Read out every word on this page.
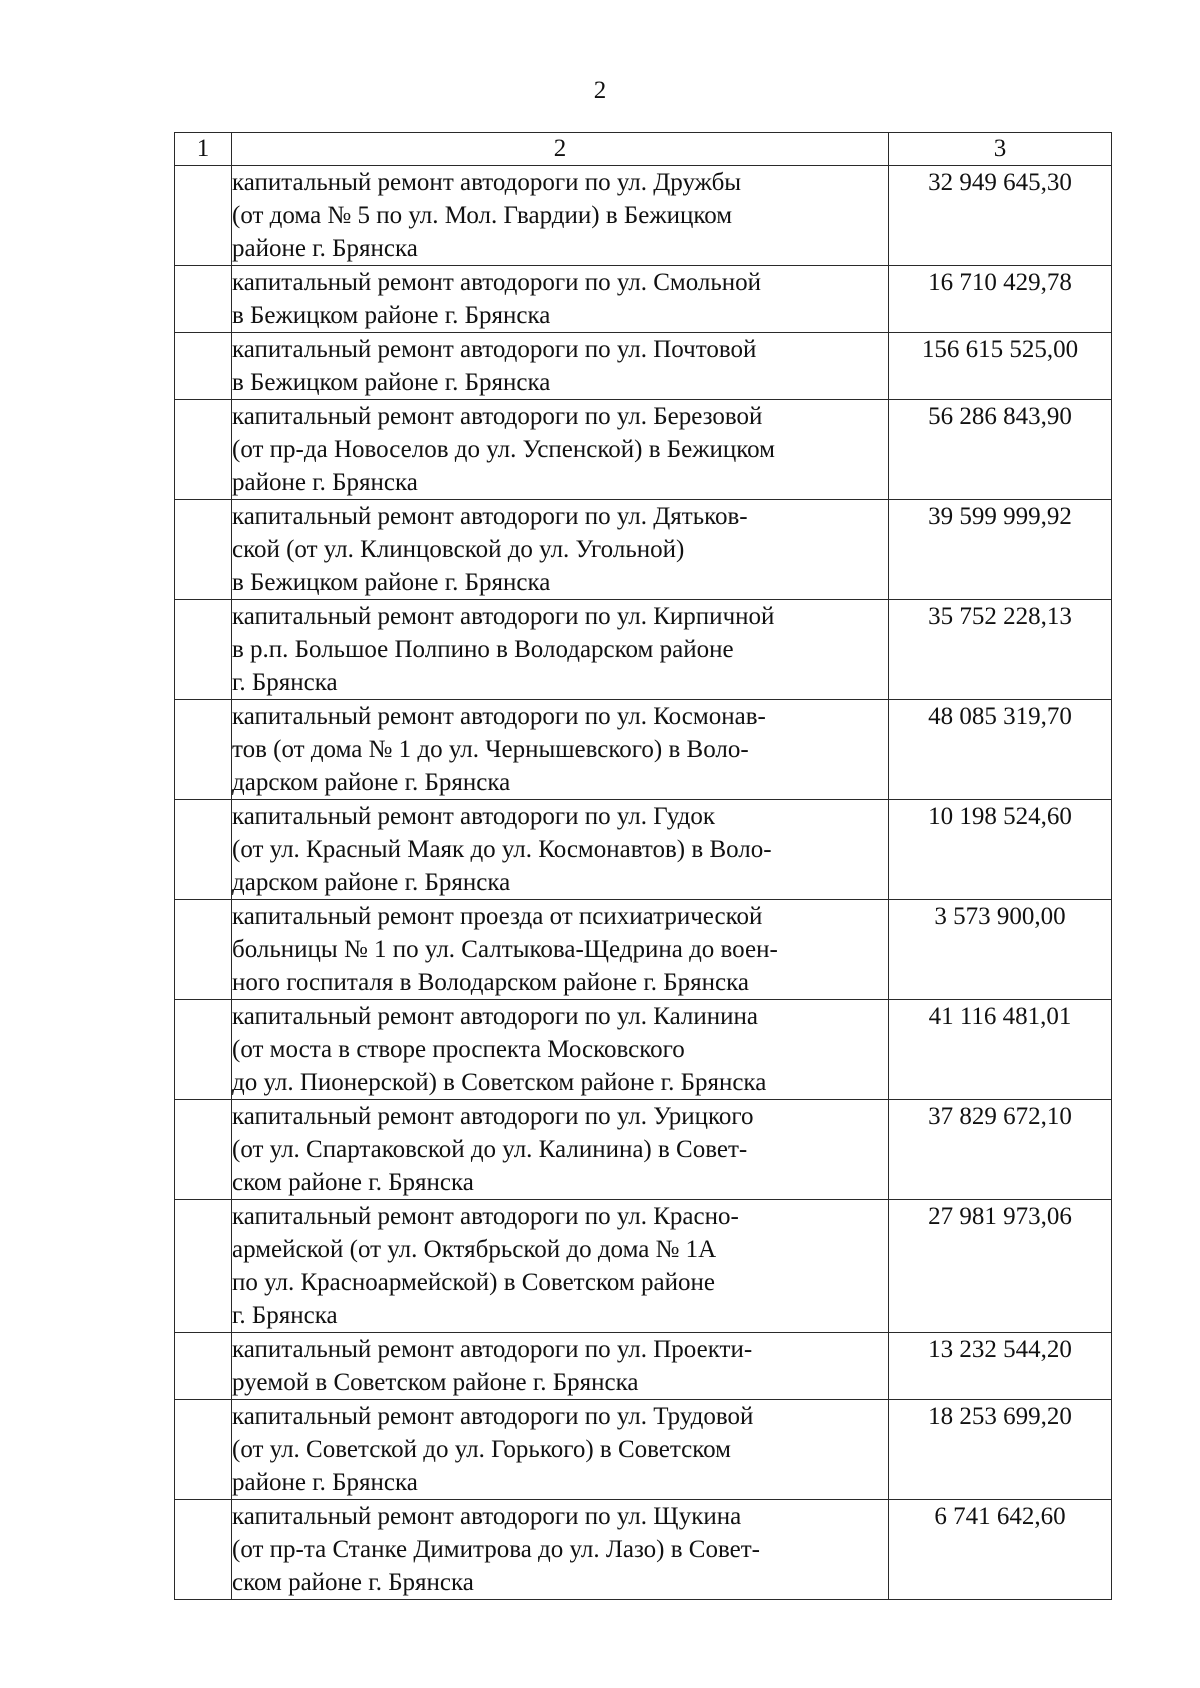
2
1	2	3
	капитальный ремонт автодороги по ул. Дружбы
(от дома № 5 по ул. Мол. Гвардии) в Бежицком
районе г. Брянска	32 949 645,30
	капитальный ремонт автодороги по ул. Смольной
в Бежицком районе г. Брянска	16 710 429,78
	капитальный ремонт автодороги по ул. Почтовой
в Бежицком районе г. Брянска	156 615 525,00
	капитальный ремонт автодороги по ул. Березовой
(от пр-да Новоселов до ул. Успенской) в Бежицком
районе г. Брянска	56 286 843,90
	капитальный ремонт автодороги по ул. Дятьков-
ской (от ул. Клинцовской до ул. Угольной)
в Бежицком районе г. Брянска	39 599 999,92
	капитальный ремонт автодороги по ул. Кирпичной
в р.п. Большое Полпино в Володарском районе
г. Брянска	35 752 228,13
	капитальный ремонт автодороги по ул. Космонав-
тов (от дома № 1 до ул. Чернышевского) в Воло-
дарском районе г. Брянска	48 085 319,70
	капитальный ремонт автодороги по ул. Гудок
(от ул. Красный Маяк до ул. Космонавтов) в Воло-
дарском районе г. Брянска	10 198 524,60
	капитальный ремонт проезда от психиатрической
больницы № 1 по ул. Салтыкова-Щедрина до воен-
ного госпиталя в Володарском районе г. Брянска	3 573 900,00
	капитальный ремонт автодороги по ул. Калинина
(от моста в створе проспекта Московского
до ул. Пионерской) в Советском районе г. Брянска	41 116 481,01
	капитальный ремонт автодороги по ул. Урицкого
(от ул. Спартаковской до ул. Калинина) в Совет-
ском районе г. Брянска	37 829 672,10
	капитальный ремонт автодороги по ул. Красно-
армейской (от ул. Октябрьской до дома № 1А
по ул. Красноармейской) в Советском районе
г. Брянска	27 981 973,06
	капитальный ремонт автодороги по ул. Проекти-
руемой в Советском районе г. Брянска	13 232 544,20
	капитальный ремонт автодороги по ул. Трудовой
(от ул. Советской до ул. Горького) в Советском
районе г. Брянска	18 253 699,20
	капитальный ремонт автодороги по ул. Щукина
(от пр-та Станке Димитрова до ул. Лазо) в Совет-
ском районе г. Брянска	6 741 642,60
